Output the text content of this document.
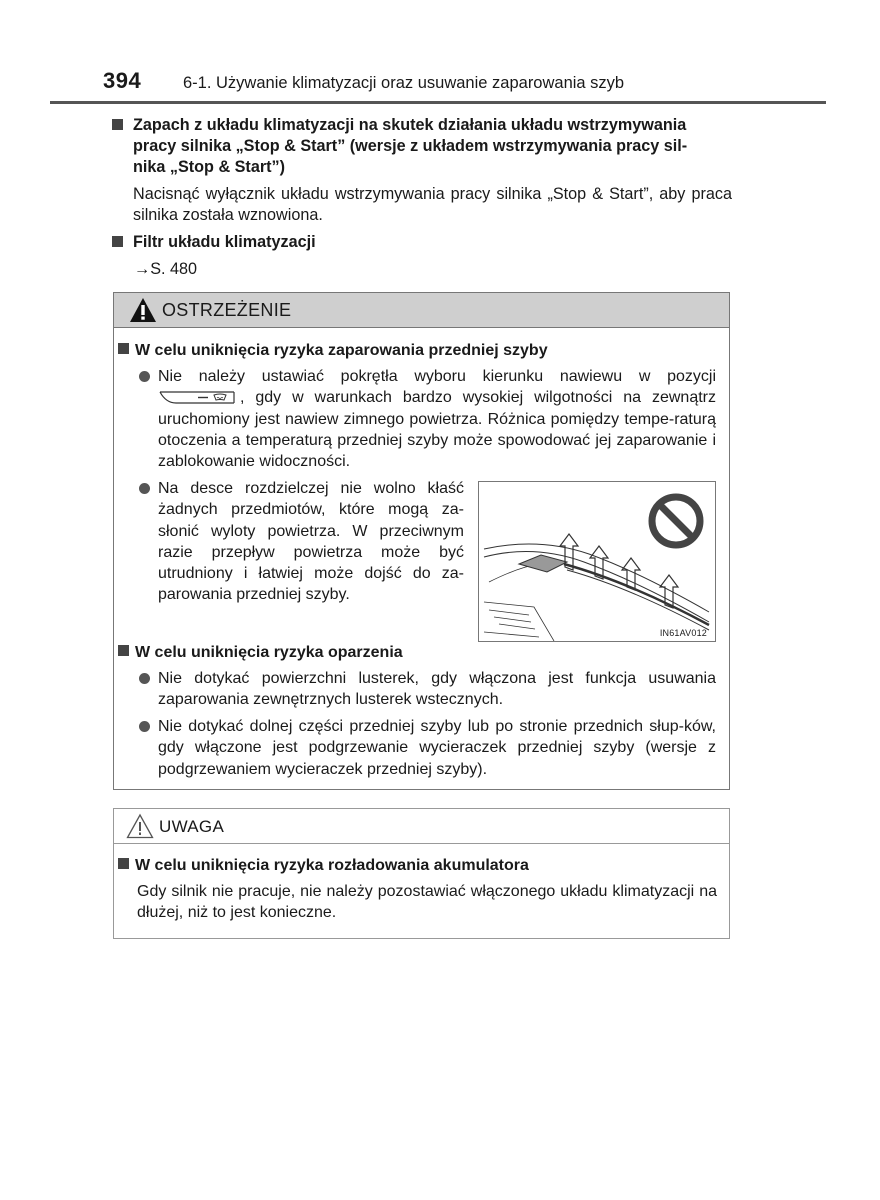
394	6-1. Używanie klimatyzacji oraz usuwanie zaparowania szyb
Zapach z układu klimatyzacji na skutek działania układu wstrzymywania
pracy silnika „Stop & Start” (wersje z układem wstrzymywania pracy sil-
nika „Stop & Start”)
Nacisnąć wyłącznik układu wstrzymywania pracy silnika „Stop & Start”, aby praca silnika została wznowiona.
Filtr układu klimatyzacji
→S. 480
OSTRZEŻENIE
W celu uniknięcia ryzyka zaparowania przedniej szyby
Nie należy ustawiać pokrętła wyboru kierunku nawiewu w pozycji
, gdy w warunkach bardzo wysokiej wilgotności na zewnątrz
uruchomiony jest nawiew zimnego powietrza. Różnica pomiędzy tempe-raturą otoczenia a temperaturą przedniej szyby może spowodować jej zaparowanie i zablokowanie widoczności.
Na desce rozdzielczej nie wolno kłaść żadnych przedmiotów, które mogą za-słonić wyloty powietrza. W przeciwnym razie przepływ powietrza może być utrudniony i łatwiej może dojść do za-parowania przedniej szyby.
IN61AV012
W celu uniknięcia ryzyka oparzenia
Nie dotykać powierzchni lusterek, gdy włączona jest funkcja usuwania zaparowania zewnętrznych lusterek wstecznych.
Nie dotykać dolnej części przedniej szyby lub po stronie przednich słup-ków, gdy włączone jest podgrzewanie wycieraczek przedniej szyby (wersje z podgrzewaniem wycieraczek przedniej szyby).
UWAGA
W celu uniknięcia ryzyka rozładowania akumulatora
Gdy silnik nie pracuje, nie należy pozostawiać włączonego układu klimatyzacji na dłużej, niż to jest konieczne.
